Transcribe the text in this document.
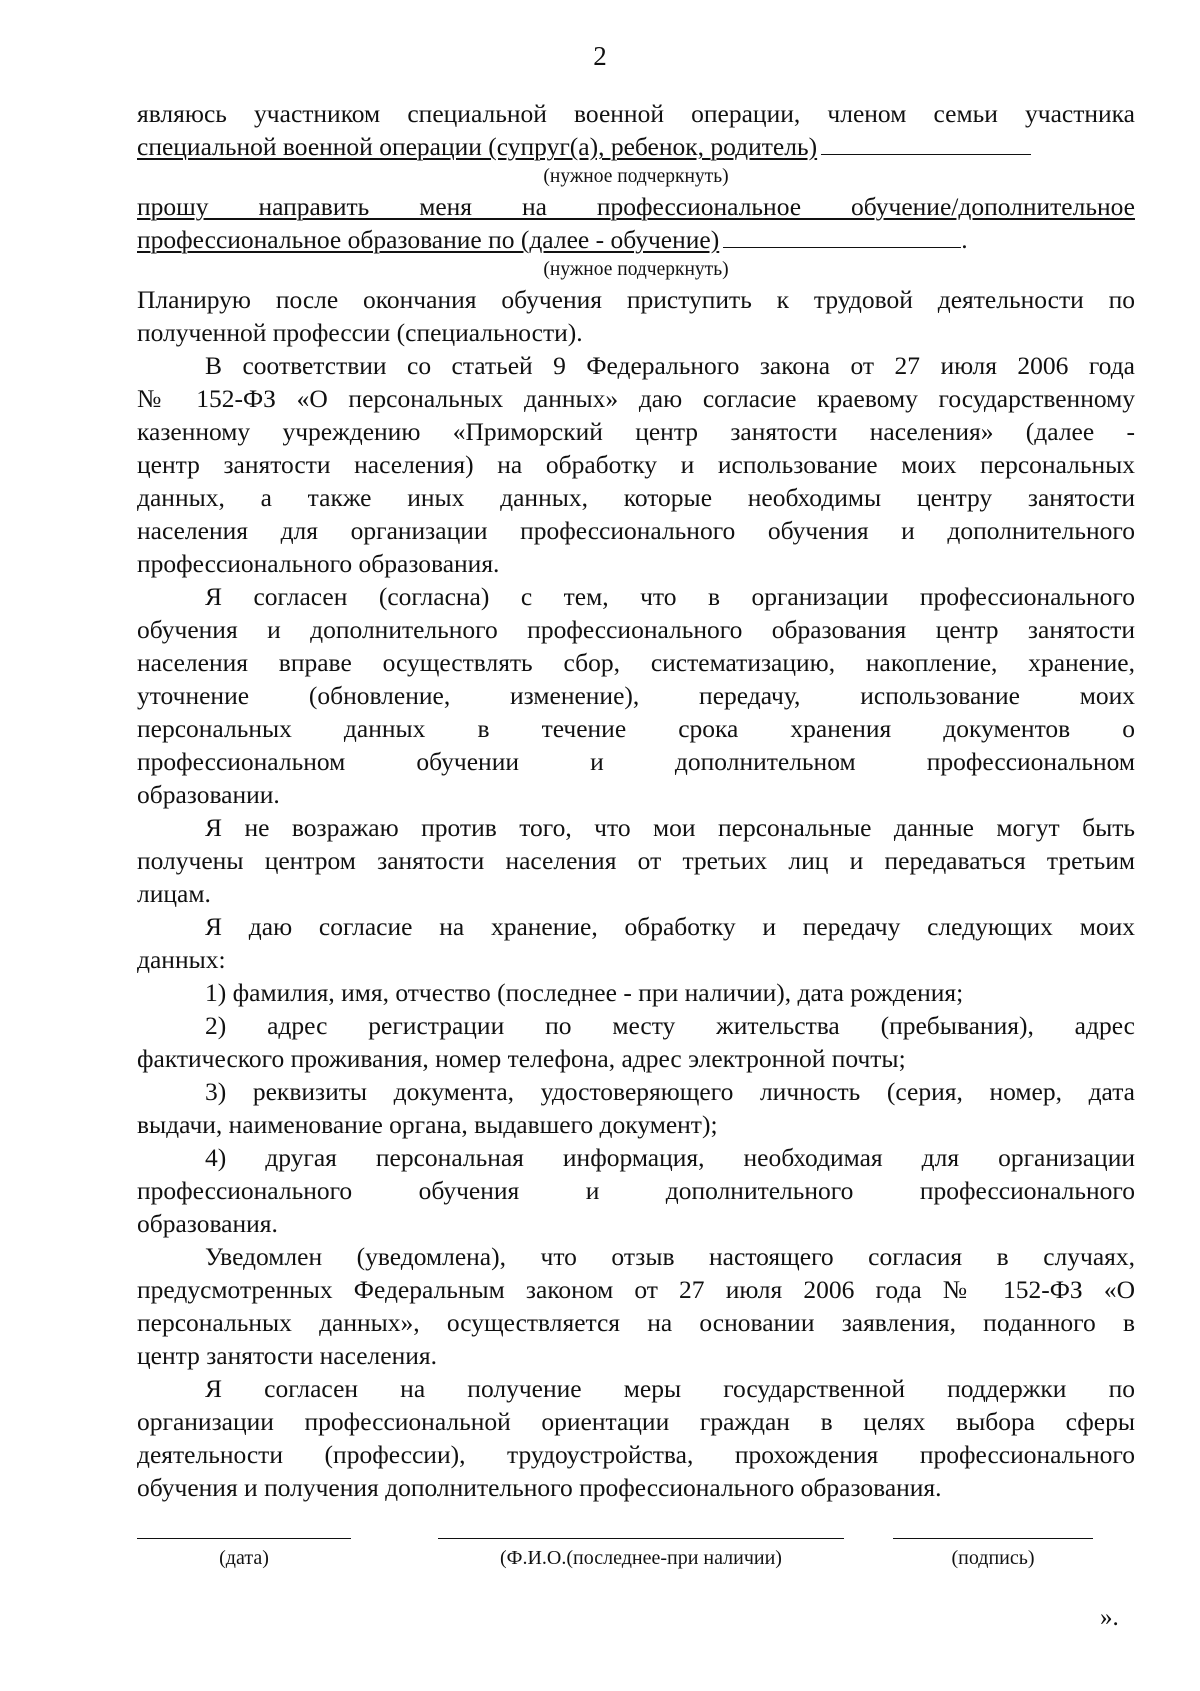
2
являюсь участником специальной военной операции, членом семьи участника
специальной военной операции (супруг(а), ребенок, родитель)
(нужное подчеркнуть)
прошу направить меня на профессиональное обучение/дополнительное
профессиональное образование по (далее - обучение)	.
(нужное подчеркнуть)
Планирую после окончания обучения приступить к трудовой деятельности по
полученной профессии (специальности).
В соответствии со статьей 9 Федерального закона от 27 июля 2006 года
№ 152-ФЗ «О персональных данных» даю согласие краевому государственному
казенному учреждению «Приморский центр занятости населения» (далее -
центр занятости населения) на обработку и использование моих персональных
данных, а также иных данных, которые необходимы центру занятости
населения для организации профессионального обучения и дополнительного
профессионального образования.
Я согласен (согласна) с тем, что в организации профессионального
обучения и дополнительного профессионального образования центр занятости
населения вправе осуществлять сбор, систематизацию, накопление, хранение,
уточнение (обновление, изменение), передачу, использование моих
персональных данных в течение срока хранения документов о
профессиональном обучении и дополнительном профессиональном
образовании.
Я не возражаю против того, что мои персональные данные могут быть
получены центром занятости населения от третьих лиц и передаваться третьим
лицам.
Я даю согласие на хранение, обработку и передачу следующих моих
данных:
1) фамилия, имя, отчество (последнее - при наличии), дата рождения;
2) адрес регистрации по месту жительства (пребывания), адрес
фактического проживания, номер телефона, адрес электронной почты;
3) реквизиты документа, удостоверяющего личность (серия, номер, дата
выдачи, наименование органа, выдавшего документ);
4) другая персональная информация, необходимая для организации
профессионального обучения и дополнительного профессионального
образования.
Уведомлен (уведомлена), что отзыв настоящего согласия в случаях,
предусмотренных Федеральным законом от 27 июля 2006 года № 152-ФЗ «О
персональных данных», осуществляется на основании заявления, поданного в
центр занятости населения.
Я согласен на получение меры государственной поддержки по
организации профессиональной ориентации граждан в целях выбора сферы
деятельности (профессии), трудоустройства, прохождения профессионального
обучения и получения дополнительного профессионального образования.
(дата)	(Ф.И.О.(последнее-при наличии)	(подпись)
».
